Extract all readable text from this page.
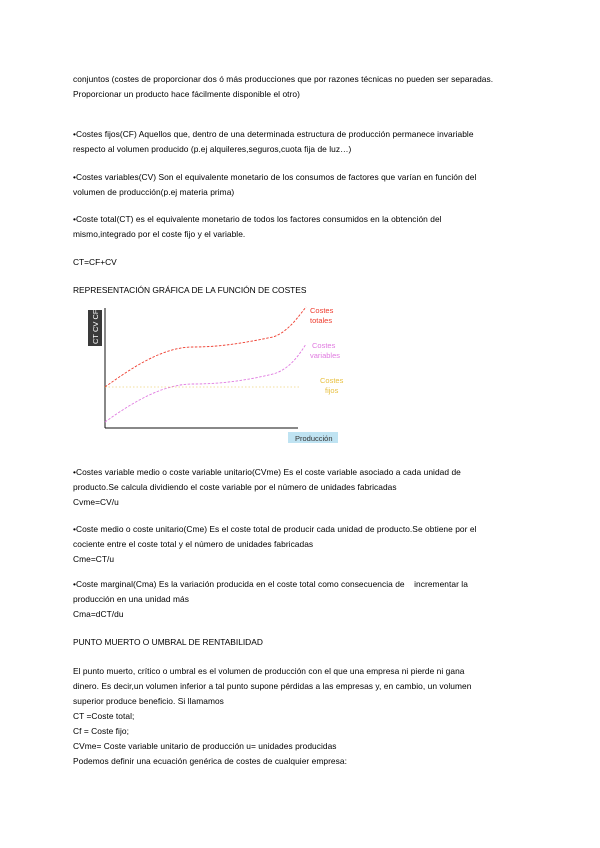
conjuntos (costes de proporcionar dos ó más producciones que por razones técnicas no pueden ser separadas.
Proporcionar un producto hace fácilmente disponible el otro)
•Costes fijos(CF) Aquellos que, dentro de una determinada estructura de producción permanece invariable
respecto al volumen producido (p.ej alquileres,seguros,cuota fija de luz…)
•Costes variables(CV) Son el equivalente monetario de los consumos de factores que varían en función del
volumen de producción(p.ej materia prima)
•Coste total(CT) es el equivalente monetario de todos los factores consumidos en la obtención del
mismo,integrado por el coste fijo y el variable.
CT=CF+CV
REPRESENTACIÓN GRÁFICA DE LA FUNCIÓN DE COSTES
CT CV CF
Producción
Costes
totales
Costes
variables
Costes
fijos
•Costes variable medio o coste variable unitario(CVme) Es el coste variable asociado a cada unidad de
producto.Se calcula dividiendo el coste variable por el número de unidades fabricadas
Cvme=CV/u
•Coste medio o coste unitario(Cme) Es el coste total de producir cada unidad de producto.Se obtiene por el
cociente entre el coste total y el número de unidades fabricadas
Cme=CT/u
•Coste marginal(Cma) Es la variación producida en el coste total como consecuencia de    incrementar la
producción en una unidad más
Cma=dCT/du
PUNTO MUERTO O UMBRAL DE RENTABILIDAD
El punto muerto, crítico o umbral es el volumen de producción con el que una empresa ni pierde ni gana
dinero. Es decir,un volumen inferior a tal punto supone pérdidas a las empresas y, en cambio, un volumen
superior produce beneficio. Si llamamos
CT =Coste total;
Cf = Coste fijo;
CVme= Coste variable unitario de producción u= unidades producidas
Podemos definir una ecuación genérica de costes de cualquier empresa:
